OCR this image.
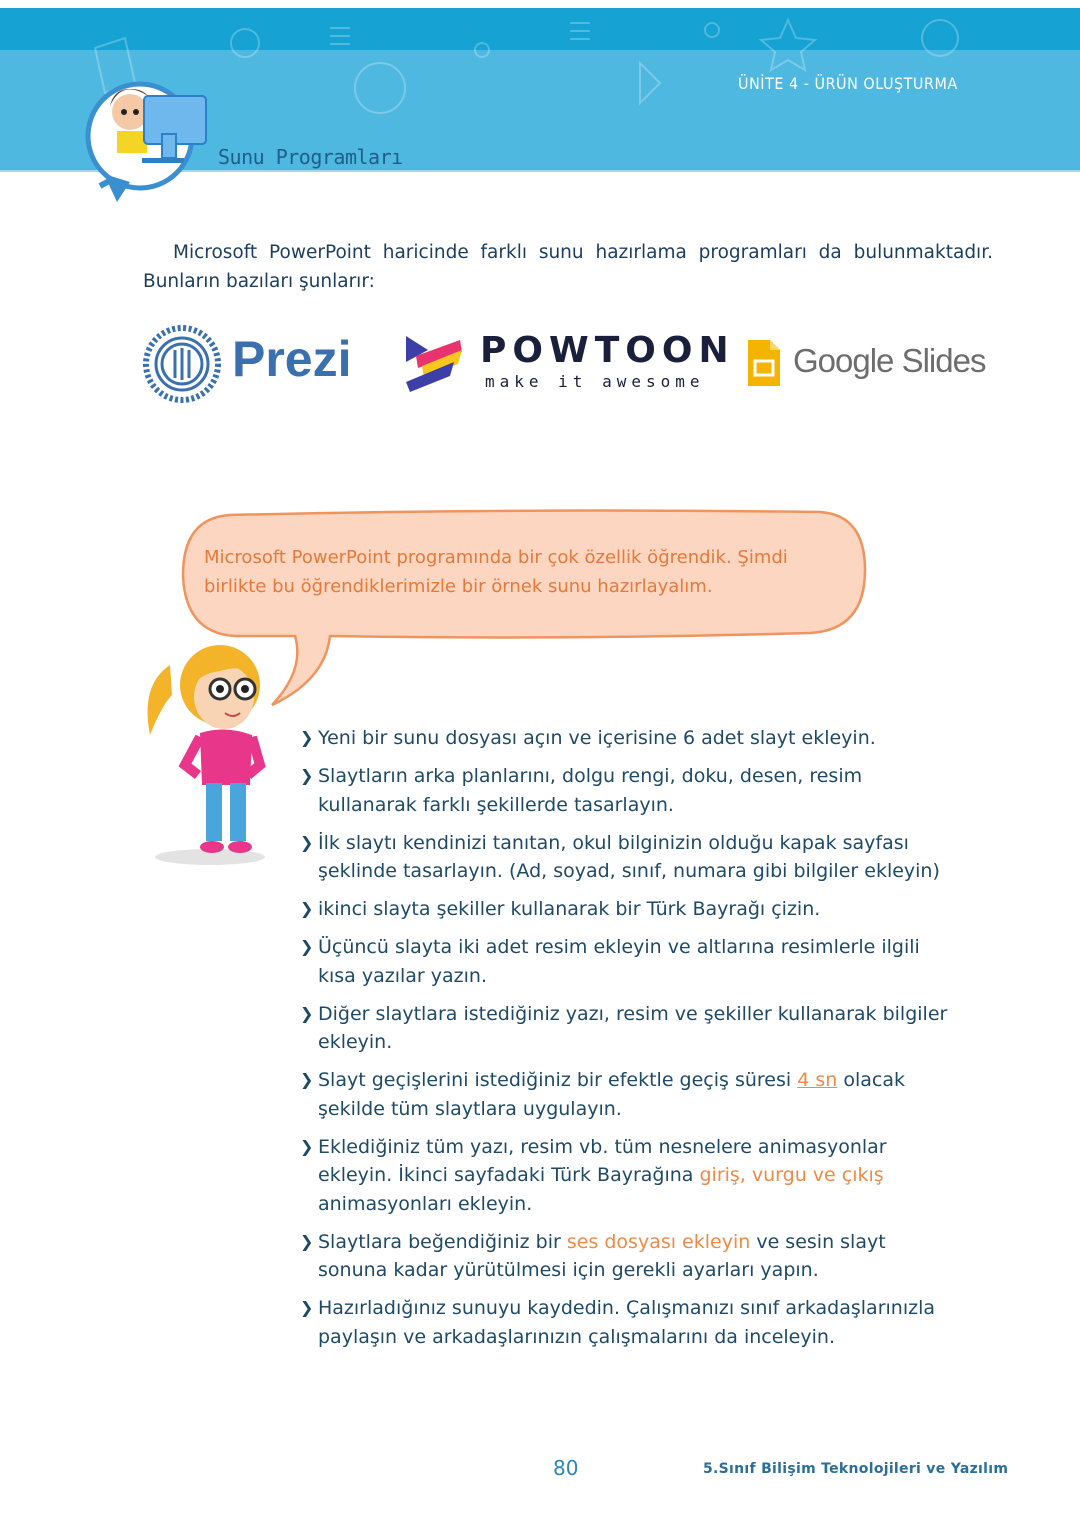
ÜNİTE 4 - ÜRÜN OLUŞTURMA
Sunu Programları

Microsoft PowerPoint haricinde farklı sunu hazırlama programları da bulunmaktadır. Bunların bazıları şunlarır:

Prezi	POWTOON
make it awesome
Google Slides
Microsoft PowerPoint programında bir çok özellik öğrendik. Şimdi birlikte bu öğrendiklerimizle bir örnek sunu hazırlayalım.
❯ Yeni bir sunu dosyası açın ve içerisine 6 adet slayt ekleyin.
❯ Slaytların arka planlarını, dolgu rengi, doku, desen, resim kullanarak farklı şekillerde tasarlayın.
❯ İlk slaytı kendinizi tanıtan, okul bilginizin olduğu kapak sayfası şeklinde tasarlayın. (Ad, soyad, sınıf, numara gibi bilgiler ekleyin)
❯ ikinci slayta şekiller kullanarak bir Türk Bayrağı çizin.
❯ Üçüncü slayta iki adet resim ekleyin ve altlarına resimlerle ilgili kısa yazılar yazın.
❯ Diğer slaytlara istediğiniz yazı, resim ve şekiller kullanarak bilgiler ekleyin.
❯ Slayt geçişlerini istediğiniz bir efektle geçiş süresi 4 sn olacak şekilde tüm slaytlara uygulayın.
❯ Eklediğiniz tüm yazı, resim vb. tüm nesnelere animasyonlar ekleyin. İkinci sayfadaki Türk Bayrağına giriş, vurgu ve çıkış animasyonları ekleyin.
❯ Slaytlara beğendiğiniz bir ses dosyası ekleyin ve sesin slayt sonuna kadar yürütülmesi için gerekli ayarları yapın.
❯ Hazırladığınız sunuyu kaydedin. Çalışmanızı sınıf arkadaşlarınızla paylaşın ve arkadaşlarınızın çalışmalarını da inceleyin.
80	5.Sınıf Bilişim Teknolojileri ve Yazılım
